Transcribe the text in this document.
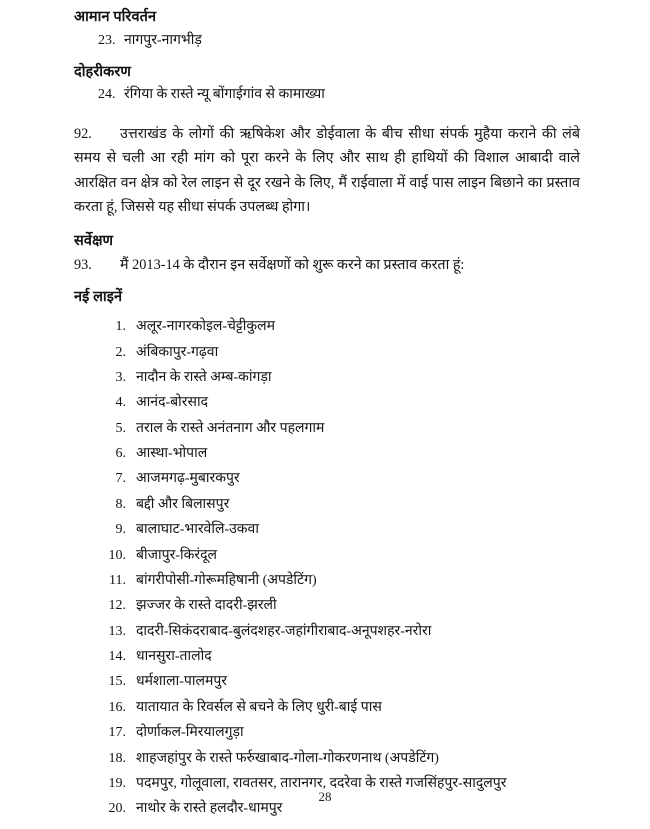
आमान परिवर्तन
23. नागपुर-नागभीड़
दोहरीकरण
24. रंगिया के रास्ते न्यू बोंगाईगांव से कामाख्या

92. उत्तराखंड के लोगों की ऋषिकेश और डोईवाला के बीच सीधा संपर्क मुहैया कराने की लंबे समय से चली आ रही मांग को पूरा करने के लिए और साथ ही हाथियों की विशाल आबादी वाले आरक्षित वन क्षेत्र को रेल लाइन से दूर रखने के लिए, मैं राईवाला में वाई पास लाइन बिछाने का प्रस्ताव करता हूं, जिससे यह सीधा संपर्क उपलब्ध होगा।

सर्वेक्षण

93. मैं 2013-14 के दौरान इन सर्वेक्षणों को शुरू करने का प्रस्ताव करता हूं:

नई लाइनें
1. अलूर-नागरकोइल-चेट्टीकुलम
2. अंबिकापुर-गढ़वा
3. नादौन के रास्ते अम्ब-कांगड़ा
4. आनंद-बोरसाद
5. तराल के रास्ते अनंतनाग और पहलगाम
6. आस्था-भोपाल
7. आजमगढ़-मुबारकपुर
8. बद्दी और बिलासपुर
9. बालाघाट-भारवेलि-उकवा
10. बीजापुर-किरंदूल
11. बांगरीपोसी-गोरूमहिषानी (अपडेटिंग)
12. झज्जर के रास्ते दादरी-झरली
13. दादरी-सिकंदराबाद-बुलंदशहर-जहांगीराबाद-अनूपशहर-नरोरा
14. धानसुरा-तालोद
15. धर्मशाला-पालमपुर
16. यातायात के रिवर्सल से बचने के लिए धुरी-बाई पास
17. दोर्णाकल-मिरयालगुड़ा
18. शाहजहांपुर के रास्ते फर्रुखाबाद-गोला-गोकरणनाथ (अपडेटिंग)
19. पदमपुर, गोलूवाला, रावतसर, तारानगर, ददरेवा के रास्ते गजसिंहपुर-सादुलपुर
20. नाथोर के रास्ते हलदौर-धामपुर
28
